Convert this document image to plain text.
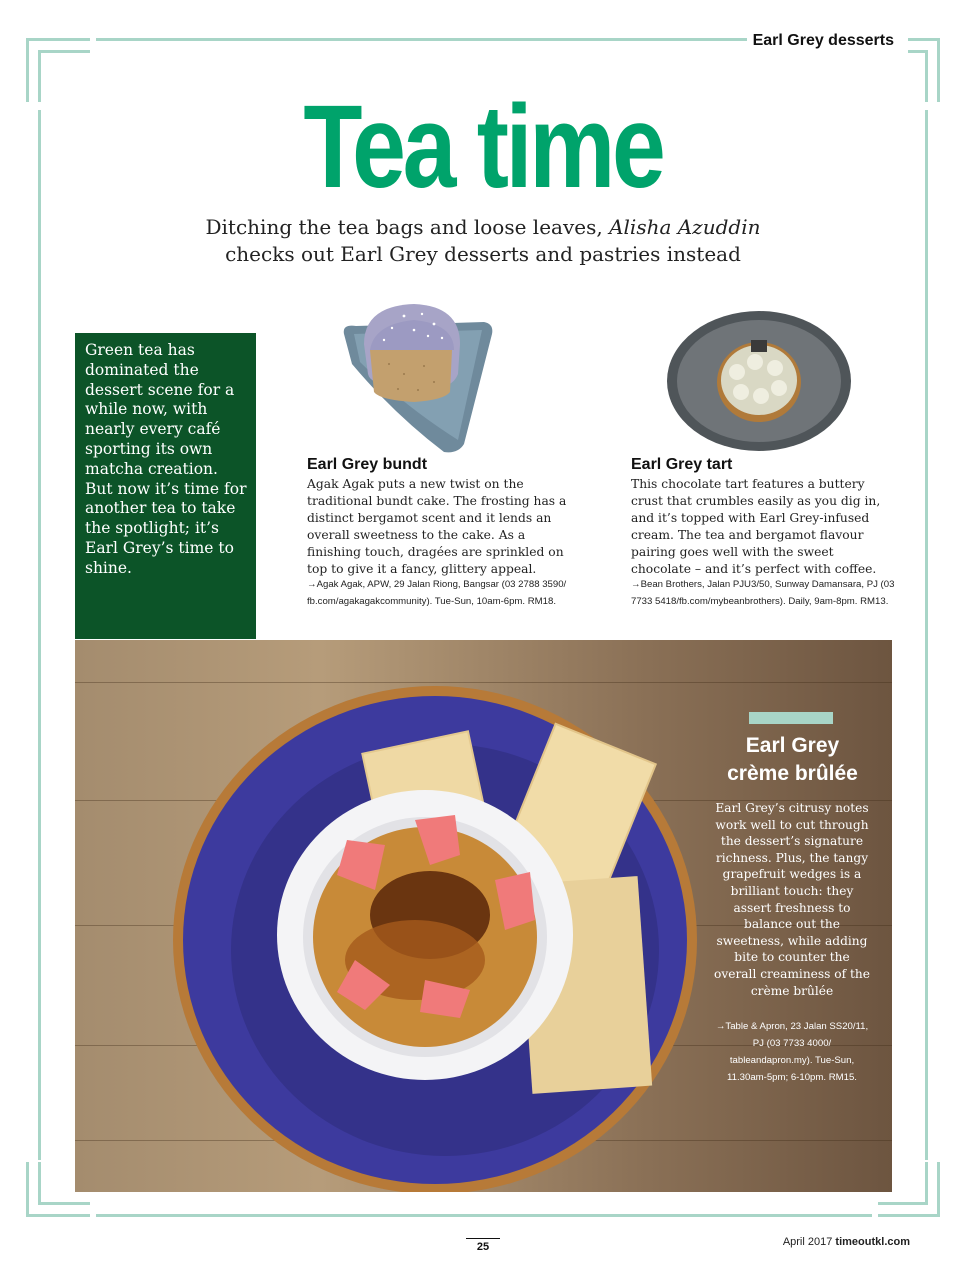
Earl Grey desserts
Tea time
Ditching the tea bags and loose leaves, Alisha Azuddin
checks out Earl Grey desserts and pastries instead

Green tea has dominated the dessert scene for a while now, with nearly every café sporting its own matcha creation. But now it’s time for another tea to take the spotlight; it’s Earl Grey’s time to shine.

Earl Grey bundt

Agak Agak puts a new twist on the traditional bundt cake. The frosting has a distinct bergamot scent and it lends an overall sweetness to the cake. As a finishing touch, dragées are sprinkled on top to give it a fancy, glittery appeal.

→Agak Agak, APW, 29 Jalan Riong, Bangsar (03 2788 3590/ fb.com/agakagakcommunity). Tue-Sun, 10am-6pm. RM18.

Earl Grey tart

This chocolate tart features a buttery crust that crumbles easily as you dig in, and it’s topped with Earl Grey-infused cream. The tea and bergamot flavour pairing goes well with the sweet chocolate – and it’s perfect with coffee.

→Bean Brothers, Jalan PJU3/50, Sunway Damansara, PJ (03 7733 5418/fb.com/mybeanbrothers). Daily, 9am-8pm. RM13.

Earl Grey
crème brûlée

Earl Grey’s citrusy notes work well to cut through the dessert’s signature richness. Plus, the tangy grapefruit wedges is a brilliant touch: they assert freshness to balance out the sweetness, while adding bite to counter the overall creaminess of the crème brûlée

→Table & Apron, 23 Jalan SS20/11, PJ (03 7733 4000/ tableandapron.my). Tue-Sun, 11.30am-5pm; 6-10pm. RM15.

25	April 2017 timeoutkl.com
